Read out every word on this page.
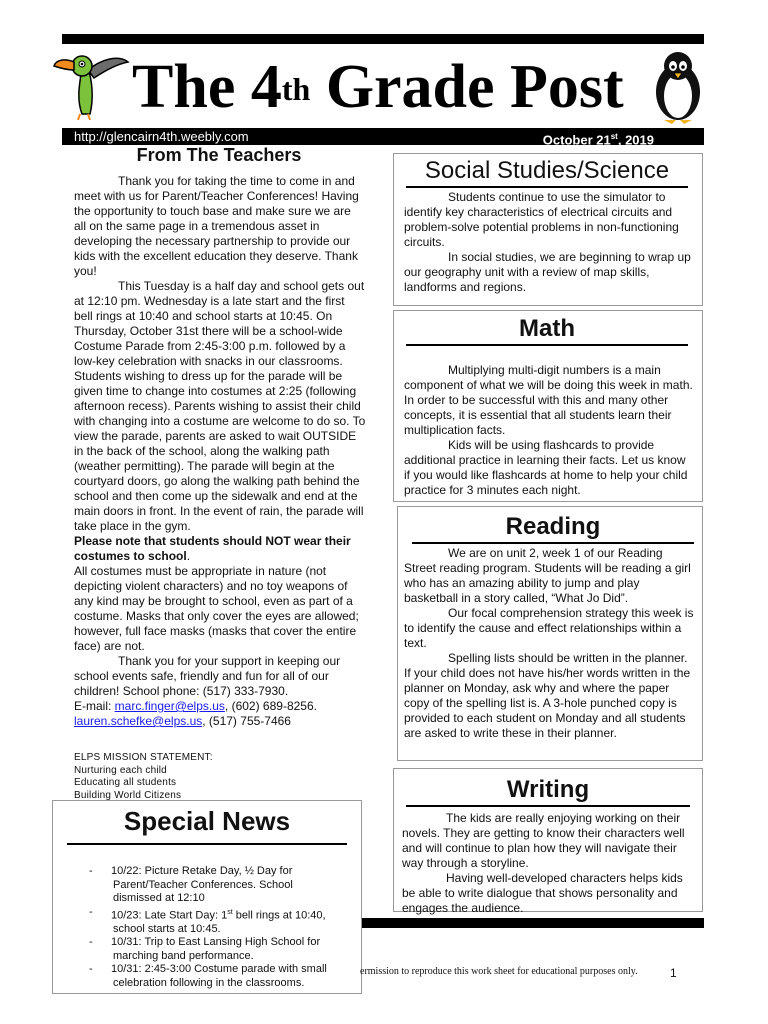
The 4th Grade Post
http://glencairn4th.weebly.com	October 21st, 2019
From The Teachers

Thank you for taking the time to come in and meet with us for Parent/Teacher Conferences! Having the opportunity to touch base and make sure we are all on the same page in a tremendous asset in developing the necessary partnership to provide our kids with the excellent education they deserve. Thank you!

This Tuesday is a half day and school gets out at 12:10 pm. Wednesday is a late start and the first bell rings at 10:40 and school starts at 10:45. On Thursday, October 31st there will be a school-wide Costume Parade from 2:45-3:00 p.m. followed by a low-key celebration with snacks in our classrooms. Students wishing to dress up for the parade will be given time to change into costumes at 2:25 (following afternoon recess). Parents wishing to assist their child with changing into a costume are welcome to do so. To view the parade, parents are asked to wait OUTSIDE in the back of the school, along the walking path (weather permitting). The parade will begin at the courtyard doors, go along the walking path behind the school and then come up the sidewalk and end at the main doors in front. In the event of rain, the parade will take place in the gym.

Please note that students should NOT wear their costumes to school.

All costumes must be appropriate in nature (not depicting violent characters) and no toy weapons of any kind may be brought to school, even as part of a costume. Masks that only cover the eyes are allowed; however, full face masks (masks that cover the entire face) are not.

Thank you for your support in keeping our school events safe, friendly and fun for all of our children! School phone: (517) 333-7930.

E-mail: marc.finger@elps.us, (602) 689-8256.

lauren.schefke@elps.us, (517) 755-7466

ELPS MISSION STATEMENT:
Nurturing each child
Educating all students
Building World Citizens
Social Studies/Science

Students continue to use the simulator to identify key characteristics of electrical circuits and problem-solve potential problems in non-functioning circuits.

In social studies, we are beginning to wrap up our geography unit with a review of map skills, landforms and regions.

Math

Multiplying multi-digit numbers is a main component of what we will be doing this week in math. In order to be successful with this and many other concepts, it is essential that all students learn their multiplication facts.

Kids will be using flashcards to provide additional practice in learning their facts. Let us know if you would like flashcards at home to help your child practice for 3 minutes each night.

Reading

We are on unit 2, week 1 of our Reading Street reading program. Students will be reading a girl who has an amazing ability to jump and play basketball in a story called, “What Jo Did”.

Our focal comprehension strategy this week is to identify the cause and effect relationships within a text.

Spelling lists should be written in the planner. If your child does not have his/her words written in the planner on Monday, ask why and where the paper copy of the spelling list is. A 3-hole punched copy is provided to each student on Monday and all students are asked to write these in their planner.

Writing

The kids are really enjoying working on their novels. They are getting to know their characters well and will continue to plan how they will navigate their way through a storyline.

Having well-developed characters helps kids be able to write dialogue that shows personality and engages the audience.

Special News
- 10/22: Picture Retake Day, ½ Day for
Parent/Teacher Conferences. School
dismissed at 12:10
- 10/23: Late Start Day: 1st bell rings at 10:40,
school starts at 10:45.
- 10/31: Trip to East Lansing High School for
marching band performance.
- 10/31: 2:45-3:00 Costume parade with small
celebration following in the classrooms.
ermission to reproduce this work sheet for educational purposes only.	1
